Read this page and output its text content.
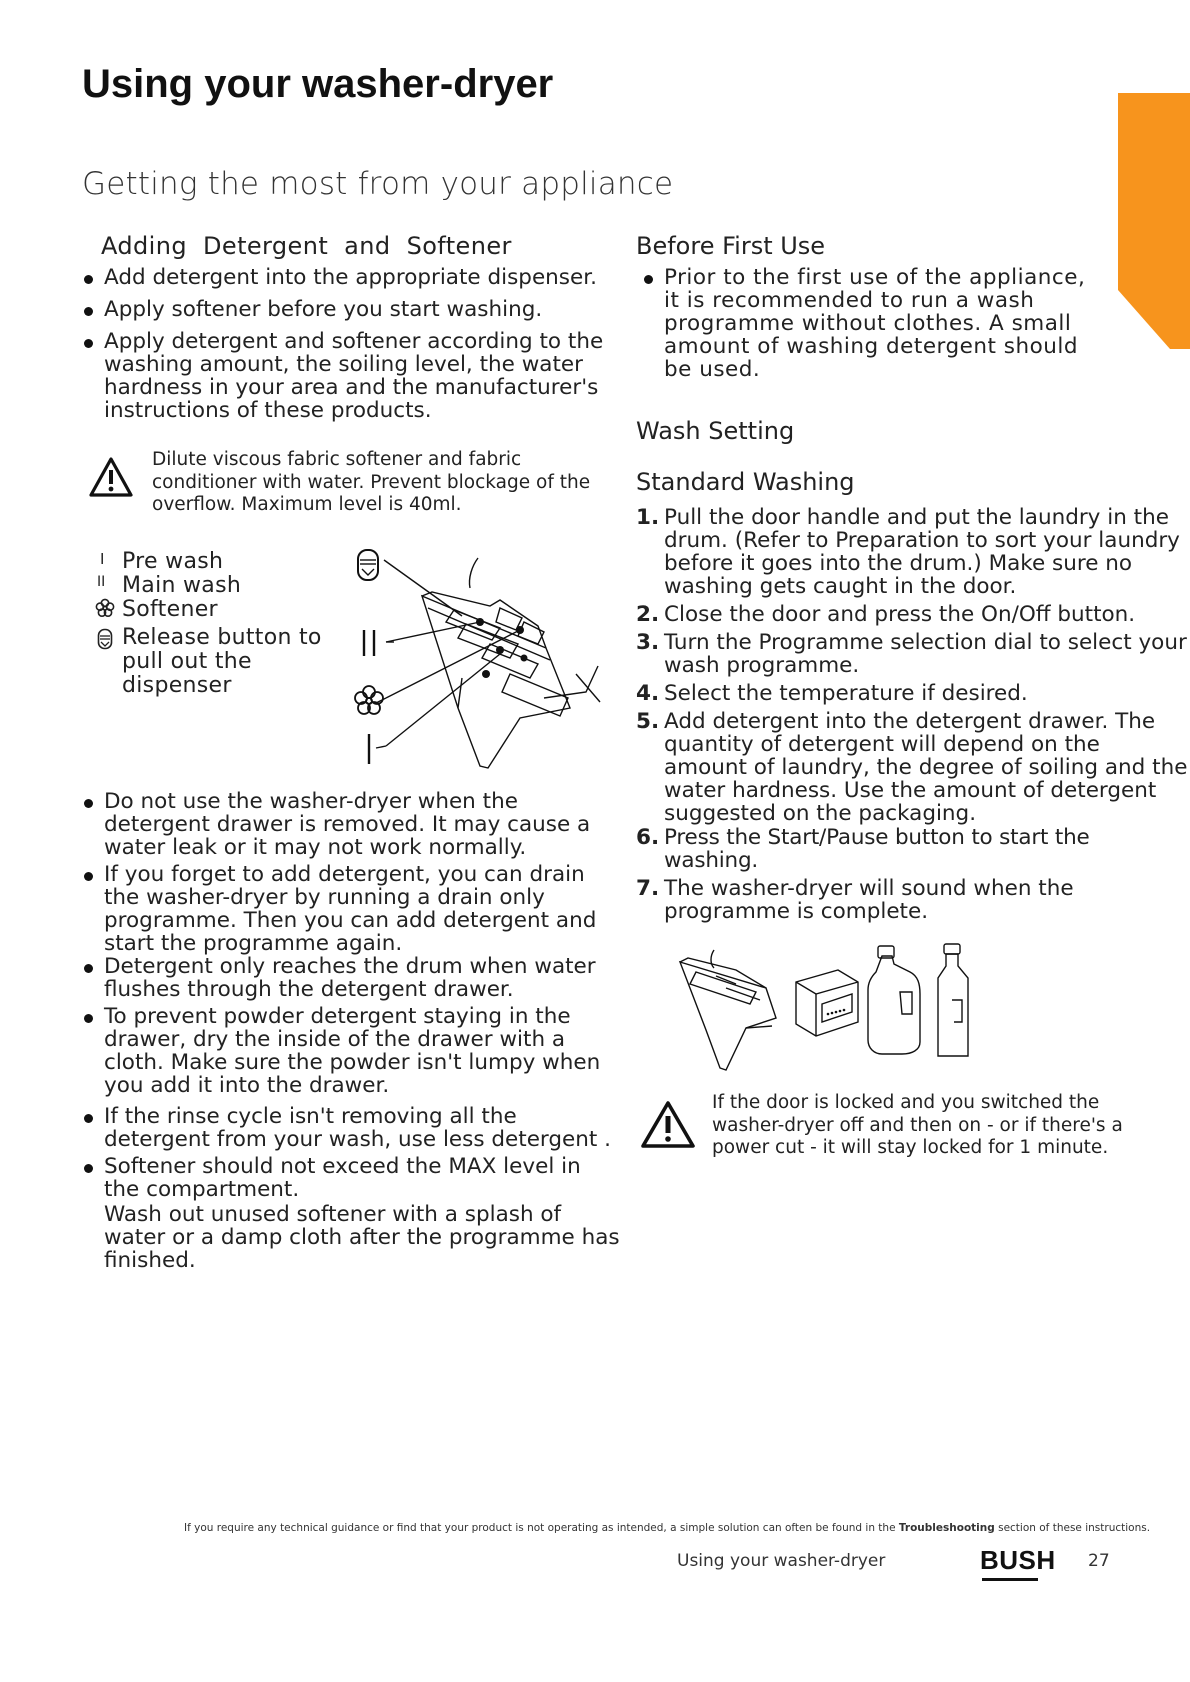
Using your washer-dryer
Getting the most from your appliance
Adding  Detergent  and  Softener
Add detergent into the appropriate dispenser.
Apply softener before you start washing.
Apply detergent and softener according to the washing amount, the soiling level, the water hardness in your area and the manufacturer's instructions of these products.
Dilute viscous fabric softener and fabric conditioner with water. Prevent blockage of the overflow. Maximum level is 40ml.
I Pre wash
II Main wash
Softener
Release button to pull out the dispenser
Do not use the washer-dryer when the detergent drawer is removed. It may cause a water leak or it may not work normally.
If you forget to add detergent, you can drain the washer-dryer by running a drain only programme. Then you can add detergent and start the programme again.
Detergent only reaches the drum when water flushes through the detergent drawer.
To prevent powder detergent staying in the drawer, dry the inside of the drawer with a cloth. Make sure the powder isn't lumpy when you add it into the drawer.
If the rinse cycle isn't removing all the detergent from your wash, use less detergent .
Softener should not exceed the MAX level in the compartment.
Wash out unused softener with a splash of water or a damp cloth after the programme has finished.
Before First Use
Prior to the first use of the appliance, it is recommended to run a wash programme without clothes. A small amount of washing detergent should be used.
Wash Setting
Standard Washing
1. Pull the door handle and put the laundry in the drum. (Refer to Preparation to sort your laundry before it goes into the drum.) Make sure no washing gets caught in the door.
2. Close the door and press the On/Off button.
3. Turn the Programme selection dial to select your wash programme.
4. Select the temperature if desired.
5. Add detergent into the detergent drawer. The quantity of detergent will depend on the amount of laundry, the degree of soiling and the water hardness. Use the amount of detergent suggested on the packaging.
6. Press the Start/Pause button to start the washing.
7. The washer-dryer will sound when the programme is complete.
If the door is locked and you switched the washer-dryer off and then on - or if there's a power cut - it will stay locked for 1 minute.
If you require any technical guidance or find that your product is not operating as intended, a simple solution can often be found in the Troubleshooting section of these instructions.
Using your washer-dryer	BUSH 27
